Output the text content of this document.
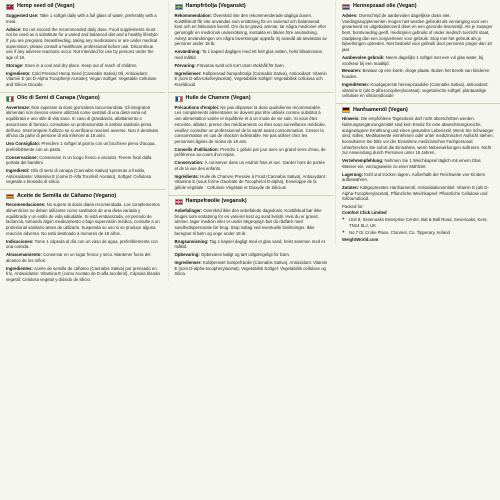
Hemp seed oil (Vegan)

Suggested Use: Take 1 softgel daily with a full glass of water, preferably with a meal.

Advice: Do not exceed the recommended daily dose. Food supplements must not be used as a substitute for a varied and balanced diet and a healthy lifestyle. If you are pregnant, breastfeeding, taking any medications or are under medical supervision, please consult a healthcare professional before use. Discontinue use if any adverse reactions occur. Not intended for use by persons under the age of 18.

Storage: Store in a cool and dry place. Keep out of reach of children.

Ingredients: Cold Pressed Hemp Seed (Cannabis Sativa) Oil, Antioxidant: Vitamin E (as D-Alpha Tocopheryl Acetate), Vegan Softgel: Vegetable Cellulose and Silicon Dioxide.

Olio di Semi di Canapa (Vegano)

Avvertenze: Non superare la dose giornaliera raccomandata. Gli integratori alimentari non devono essere utilizzati come sostituti di una dieta varia ed equilibrata e uno stile di vita sano. In caso di gravidanza, allattamento o assunzione di farmaci, consultare un professionista in ambito sanitario prima dell'uso. Interrompere l'utilizzo se si verificano reazioni avverse. Non è destinato all'uso da parte di persone di età inferiore ai 18 anni.

Uso Consigliato: Prendere 1 softgel al giorno con un bicchiere pieno d'acqua, preferibilmente con un pasto.

Conservazione: Conservare in un luogo fresco e asciutto. Tenere fuori dalla portata dei bambini.

Ingredienti: Olio di semi di canapa (Cannabis Sativa) spremuto a freddo, Antiossidante: Vitamina E (come D-Alfa Tocoferil Acetato), Softgel: Cellulosa vegetale e biossido di silicio.

Aceite de Semilla de Cáñamo (Vegano)

Recomendaciones: No supere la dosis diaria recomendada. Los complementos alimenticios no deben utilizarse como sustitutos de una dieta variada y equilibrada y un estilo de vida saludable. Si está embarazada, en período de lactancia, tomando algún medicamento o bajo supervisión médica, consulte a un profesional sanitario antes de utilizarlo. Suspenda su uso si se produce alguna reacción adversa. No está destinado a menores de 18 años.

Indicaciones: Tome 1 cápsula al día con un vaso de agua, preferiblemente con una comida.

Almacenamiento: Conservar en un lugar fresco y seco. Mantener fuera del alcance de los niños.

Ingredientes: Aceite de semilla de cáñamo (Cannabis Sativa) por prensado en frío, Antioxidante: Vitamina E (como Acetato de D-alfa tocoferol), Cápsula blanda vegetal: Celulosa vegetal y dióxido de silicio.

Hampfröolja (Veganskt)

Rekommendation: Överskrid inte den rekommenderade dagliga dosen. Kosttillskott får inte användas som ersättning för en varierad och balanserad kost och en hälsosam livsstil. Om du är gravid, ammar, tar några mediciner eller genomgår en medicinsk undersökning, kontakta en läkare före användning. Avbryt användningen om några biverkningar uppstår. Ej avsedd att användas av personer under 18 år.

Användning: Ta 1 kapsel dagligen med ett helt glas vatten, helst tillsammans med måltid.

Förvaring: Förvaras svalt och torrt utom räckhåll för barn.

Ingredienser: Kallpressad hampafröolja (Cannabis Sativa), Antioxidant: Vitamin E (som D-alfa-tokoferylacetat), Vegetabilisk Softgel: Vegetabilisk cellulosa och Kiseldioxid

Huile de Chanvre (Vegan)

Précautions d'emploi: Ne pas dépasser la dose quotidienne recommandée. Les compléments alimentaires ne doivent pas être utilisés comme substitut à une alimentation variée et équilibrée et à un mode de vie sain. Si vous êtes enceinte, allaitez, prenez des médicaments ou êtes sous surveillance médicale, veuillez consulter un professionnel de la santé avant consommation. Cesser la consommation en cas de réaction indésirable. Ne pas utiliser chez les personnes âgées de moins de 18 ans.

Conseils d'utilisation: Prendre 1 gélule par jour avec un grand verre d'eau, de préférence au cours d'un repas.

Conservation: À conserver dans un endroit frais et sec. Garder hors de portée et de la vue des enfants.

Ingrédients: Huile de Chanvre Pressée à Froid (Cannabis Sativa), Antioxydant : Vitamine E (sous forme d'acétate de Tocophérol D-alpha), Enveloppe de la gélule végétale : Cellulose Végétale et Dioxyde de Silicium

Hampefrøolie (vegansk)

Anbefalinger: Overskrid ikke den anbefalede dagsdosis. Kosttilskud bør ikke bruges som erstatning for en varieret kost og sund livsstil. Hvis du er gravid, ammer, tager medicin eller er under lægeopsyn bør du rådføre med sundhedspersonale før brug. Stop indtag ved eventuelle bivirkninger. Ikke beregnet til børn og unge under 18 år.

Brugsanvisning: Tag 1 kapsel dagligt med et glas vand, helst sammen med et måltid.

Opbevaring: Opbevares køligt og tørt utilgængeligt for børn.

Ingredienser: Koldpresset hampefrøolie (Cannabis Sativa), Antioxidant: Vitamin E (som D-alpha-tocopherylacetat), Vegetabilsk Softgel: Vegetabilsk cellulose og Silica.

Hennepzaad olie (Vegan)

Advies: Overschrijd de aanbevolen dagelijkse dosis niet. Voedingssupplementen mogen niet worden gebruikt als vervanging voor een gevarieerd en uitgebalanceerd dieet en een gezonde levensstijl. Als je zwanger bent, borstvoeding geeft, medicijnen gebruikt of onder medisch toezicht staat, raadpleeg dan een zorgverlener voor gebruik. Stop met het gebruik als je bijwerkingen optreden. Niet bedoeld voor gebruik door personen jonger dan 18 jaar.

Aanbevolen gebruik: Neem dagelijks 1 softgel met een vol glas water, bij voorkeur bij een maaltijd.

Bewaren: Bewaar op een koele, droge plaats. Buiten het bereik van kinderen houden.

Ingrediënten: Koudgeperste hennepzaadolie (Cannabis Sativa), antioxidant: vitamine E (als D-alfa-tocopherylacetaat), vegetarische softgel: plantaardige cellulose en siliciumdioxide

Hanfsamenöl (Vegan)

Hinweis: Die empfohlene Tagesdosis darf nicht überschritten werden. Nahrungsergänzungsmittel sind kein Ersatz für eine abwechslungsreiche, ausgewogene Ernährung und einen gesunden Lebensstil. Wenn Sie schwanger sind, stillen, Medikamente einnehmen oder unter medizinischer Aufsicht stehen, konsultieren Sie bitte vor der Einnahme medizinisches Fachpersonal. Unterbrechen Sie sofort die Einnahme, wenn Nebenwirkungen auftreten. Nicht zur Anwendung durch Personen unter 18 Jahren.

Verzehrempfehlung: Nehmen Sie 1 Weichkapsel täglich mit einem Glas Wasser ein, vorzugsweise zu einer Mahlzeit.

Lagerung: Kühl und trocken lagern. Außerhalb der Reichweite von Kindern aufbewahren.

Zutaten: Kaltgepresstes Hanfsamenöl, Antioxidationsmittel: Vitamin E (als D-Alpha-Tocopherylacetat), Pflanzliche Weichkapsel: Pflanzliche Cellulose und Siliziumdioxid.

Packed for:
Comfort Click Limited
● Unit 8, Sevenoaks Enterprise Centre, Bat & Ball Road, Sevenoaks, Kent, TN14 5LJ, UK
● No 7 Dr Croke Place, Clonmel, Co. Tipperary, Ireland
WeightWorld.com
